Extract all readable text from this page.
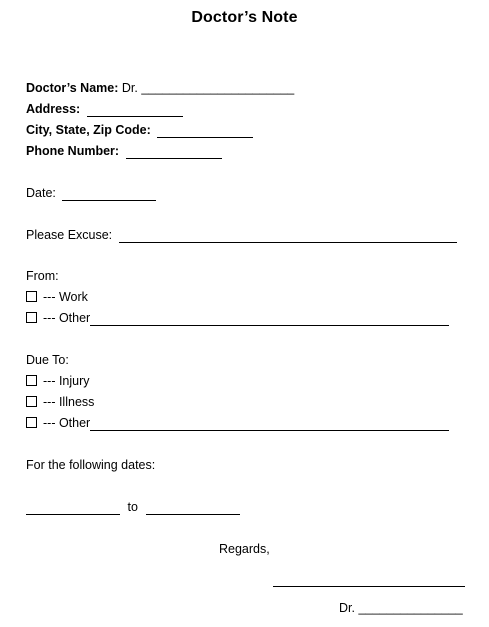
Doctor’s Note
Doctor’s Name: Dr. ______________________
Address:
City, State, Zip Code:
Phone Number:
Date:
Please Excuse:
From:
--- Work
--- Other
Due To:
--- Injury
--- Illness
--- Other
For the following dates:
to
Regards,
Dr. _______________
